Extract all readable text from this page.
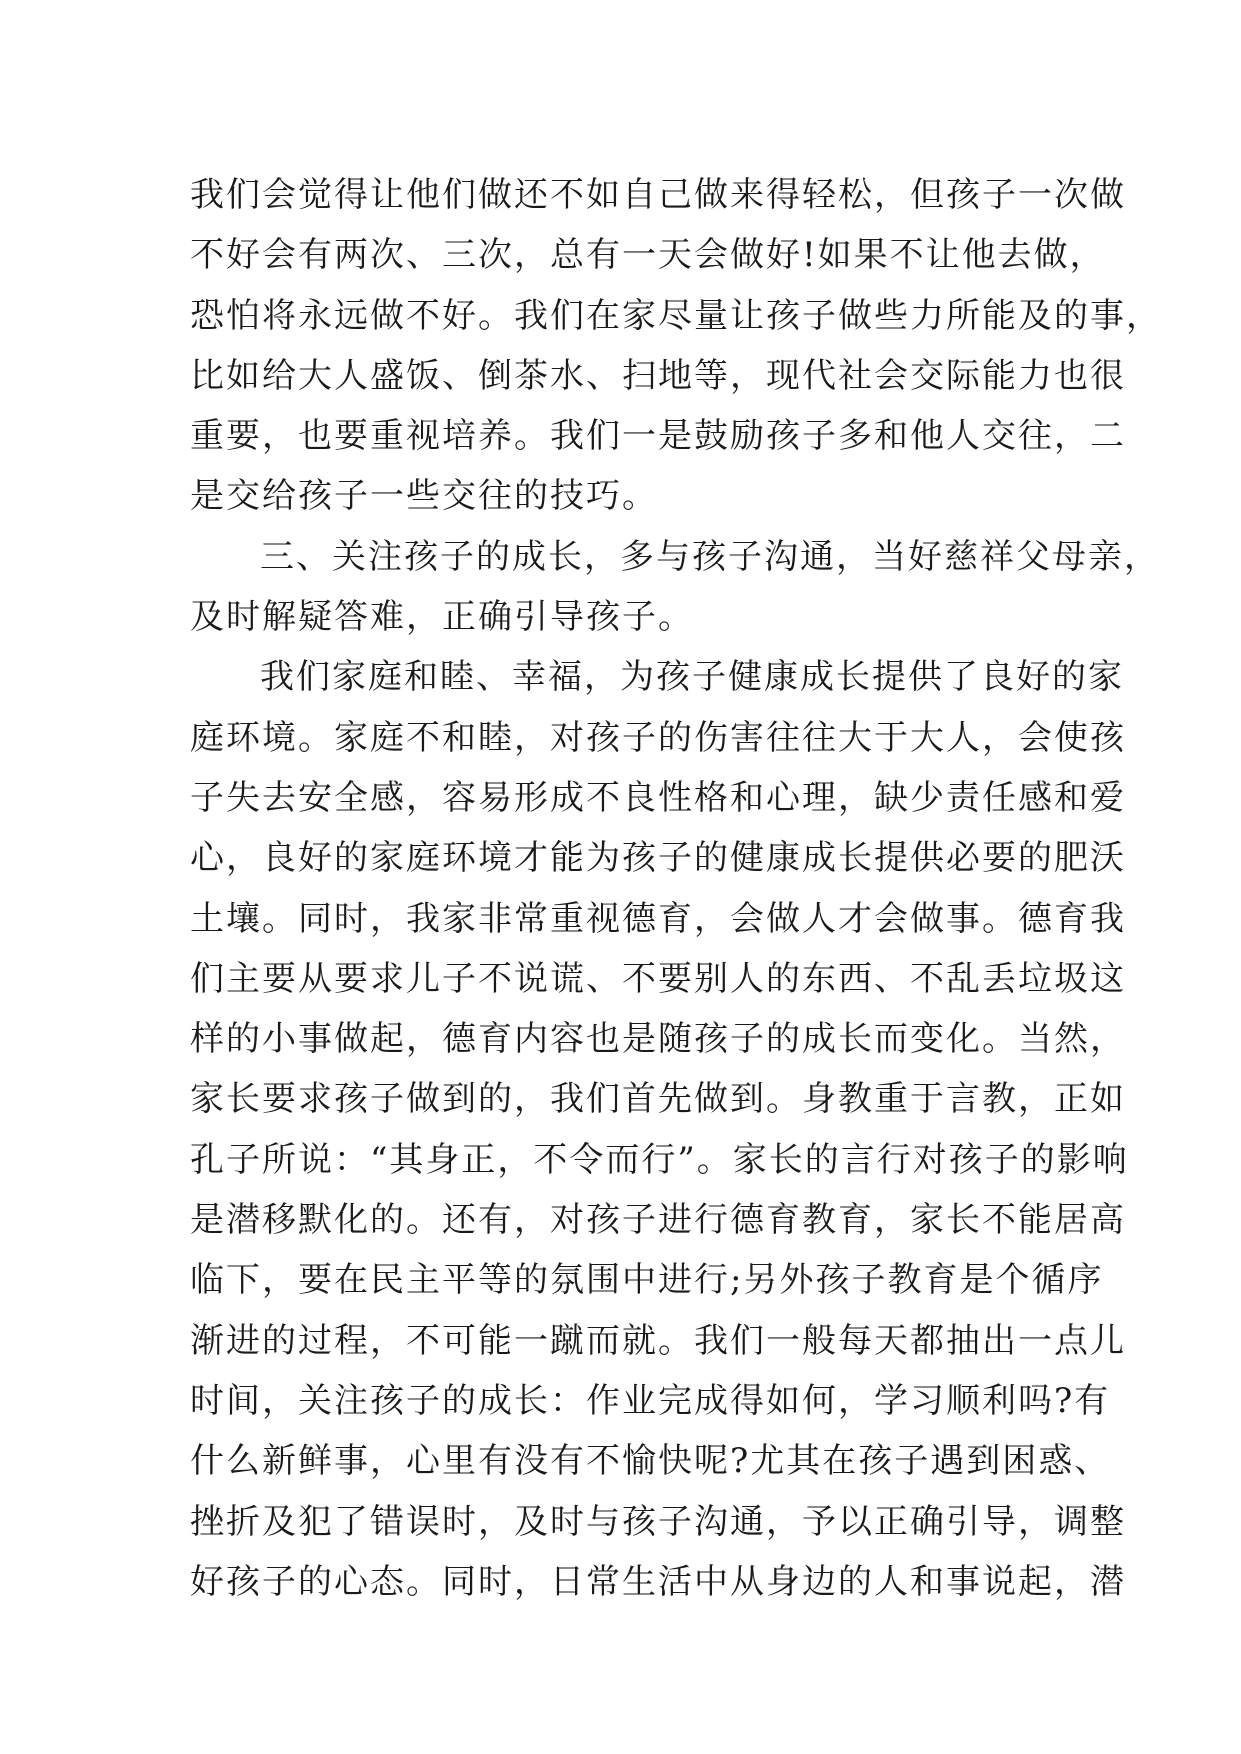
我们会觉得让他们做还不如自己做来得轻松，但孩子一次做
不好会有两次、三次，总有一天会做好!如果不让他去做，
恐怕将永远做不好。我们在家尽量让孩子做些力所能及的事，
比如给大人盛饭、倒茶水、扫地等，现代社会交际能力也很
重要，也要重视培养。我们一是鼓励孩子多和他人交往，二
是交给孩子一些交往的技巧。
三、关注孩子的成长，多与孩子沟通，当好慈祥父母亲，
及时解疑答难，正确引导孩子。
我们家庭和睦、幸福，为孩子健康成长提供了良好的家
庭环境。家庭不和睦，对孩子的伤害往往大于大人，会使孩
子失去安全感，容易形成不良性格和心理，缺少责任感和爱
心，良好的家庭环境才能为孩子的健康成长提供必要的肥沃
土壤。同时，我家非常重视德育，会做人才会做事。德育我
们主要从要求儿子不说谎、不要别人的东西、不乱丢垃圾这
样的小事做起，德育内容也是随孩子的成长而变化。当然，
家长要求孩子做到的，我们首先做到。身教重于言教，正如
孔子所说：“其身正，不令而行”。家长的言行对孩子的影响
是潜移默化的。还有，对孩子进行德育教育，家长不能居高
临下，要在民主平等的氛围中进行;另外孩子教育是个循序
渐进的过程，不可能一蹴而就。我们一般每天都抽出一点儿
时间，关注孩子的成长：作业完成得如何，学习顺利吗?有
什么新鲜事，心里有没有不愉快呢?尤其在孩子遇到困惑、
挫折及犯了错误时，及时与孩子沟通，予以正确引导，调整
好孩子的心态。同时，日常生活中从身边的人和事说起，潜
